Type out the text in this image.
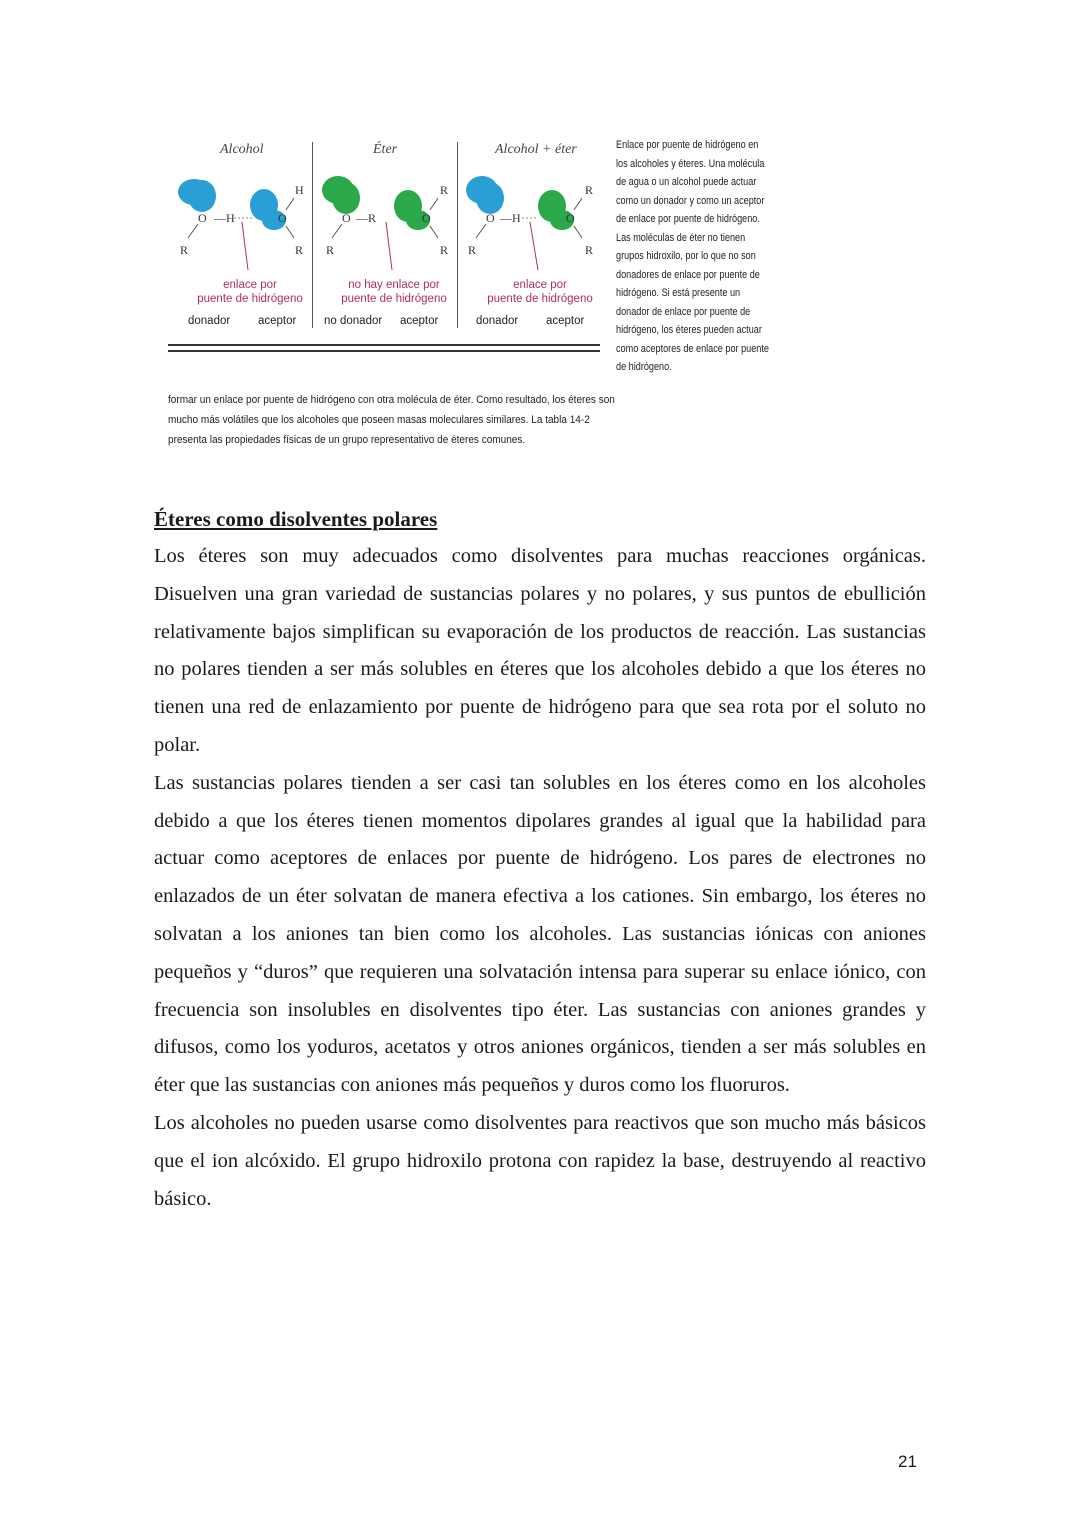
Alcohol	Éter	Alcohol + éter
O —H
R
O
H
R
O —R
R
O
R
R
O —H
R
O
R
R
enlace por
puente de hidrógeno
no hay enlace por
puente de hidrógeno
enlace por
puente de hidrógeno
donador aceptor no donador aceptor	donador aceptor
Enlace por puente de hidrógeno en los alcoholes y éteres. Una molécula de agua o un alcohol puede actuar como un donador y como un aceptor de enlace por puente de hidrógeno. Las moléculas de éter no tienen grupos hidroxilo, por lo que no son donadores de enlace por puente de hidrógeno. Si está presente un donador de enlace por puente de hidrógeno, los éteres pueden actuar como aceptores de enlace por puente de hidrógeno.
formar un enlace por puente de hidrógeno con otra molécula de éter. Como resultado, los éteres son mucho más volátiles que los alcoholes que poseen masas moleculares similares. La tabla 14-2 presenta las propiedades físicas de un grupo representativo de éteres comunes.
Éteres como disolventes polares

Los éteres son muy adecuados como disolventes para muchas reacciones orgánicas. Disuelven una gran variedad de sustancias polares y no polares, y sus puntos de ebullición relativamente bajos simplifican su evaporación de los productos de reacción. Las sustancias no polares tienden a ser más solubles en éteres que los alcoholes debido a que los éteres no tienen una red de enlazamiento por puente de hidrógeno para que sea rota por el soluto no polar.

Las sustancias polares tienden a ser casi tan solubles en los éteres como en los alcoholes debido a que los éteres tienen momentos dipolares grandes al igual que la habilidad para actuar como aceptores de enlaces por puente de hidrógeno. Los pares de electrones no enlazados de un éter solvatan de manera efectiva a los cationes. Sin embargo, los éteres no solvatan a los aniones tan bien como los alcoholes. Las sustancias iónicas con aniones pequeños y “duros” que requieren una solvatación intensa para superar su enlace iónico, con frecuencia son insolubles en disolventes tipo éter. Las sustancias con aniones grandes y difusos, como los yoduros, acetatos y otros aniones orgánicos, tienden a ser más solubles en éter que las sustancias con aniones más pequeños y duros como los fluoruros.

Los alcoholes no pueden usarse como disolventes para reactivos que son mucho más básicos que el ion alcóxido. El grupo hidroxilo protona con rapidez la base, destruyendo al reactivo básico.

21
